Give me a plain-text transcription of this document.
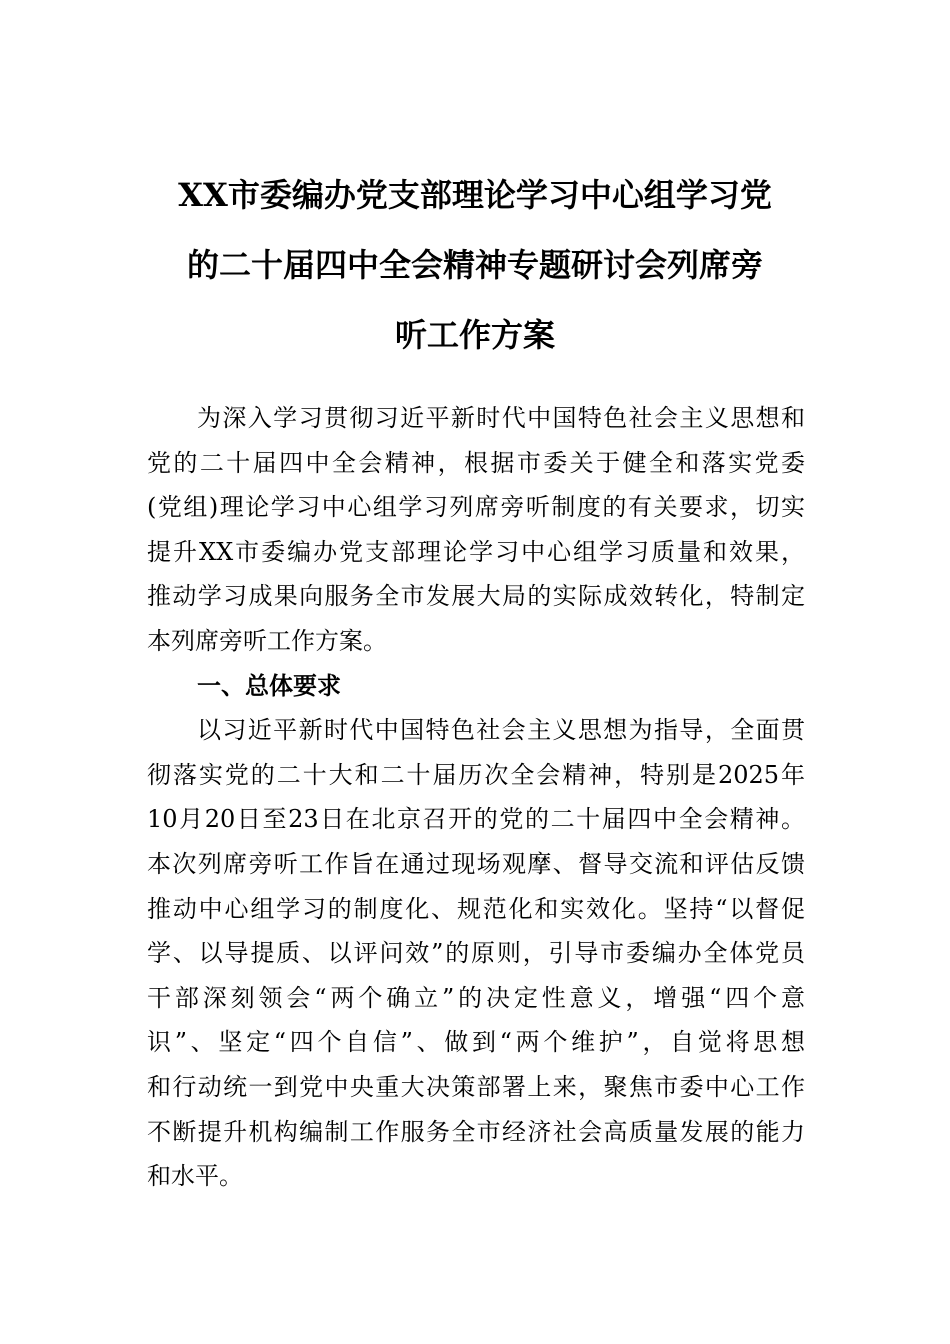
XX市委编办党支部理论学习中心组学习党
的二十届四中全会精神专题研讨会列席旁
听工作方案
为深入学习贯彻习近平新时代中国特色社会主义思想和
党的二十届四中全会精神，根据市委关于健全和落实党委
(党组)理论学习中心组学习列席旁听制度的有关要求，切实
提升XX市委编办党支部理论学习中心组学习质量和效果，
推动学习成果向服务全市发展大局的实际成效转化，特制定
本列席旁听工作方案。
一、总体要求
以习近平新时代中国特色社会主义思想为指导，全面贯
彻落实党的二十大和二十届历次全会精神，特别是2025年
10月20日至23日在北京召开的党的二十届四中全会精神。
本次列席旁听工作旨在通过现场观摩、督导交流和评估反馈
推动中心组学习的制度化、规范化和实效化。坚持“以督促
学、以导提质、以评问效”的原则，引导市委编办全体党员
干部深刻领会“两个确立”的决定性意义，增强“四个意
识”、坚定“四个自信”、做到“两个维护”，自觉将思想
和行动统一到党中央重大决策部署上来，聚焦市委中心工作
不断提升机构编制工作服务全市经济社会高质量发展的能力
和水平。
